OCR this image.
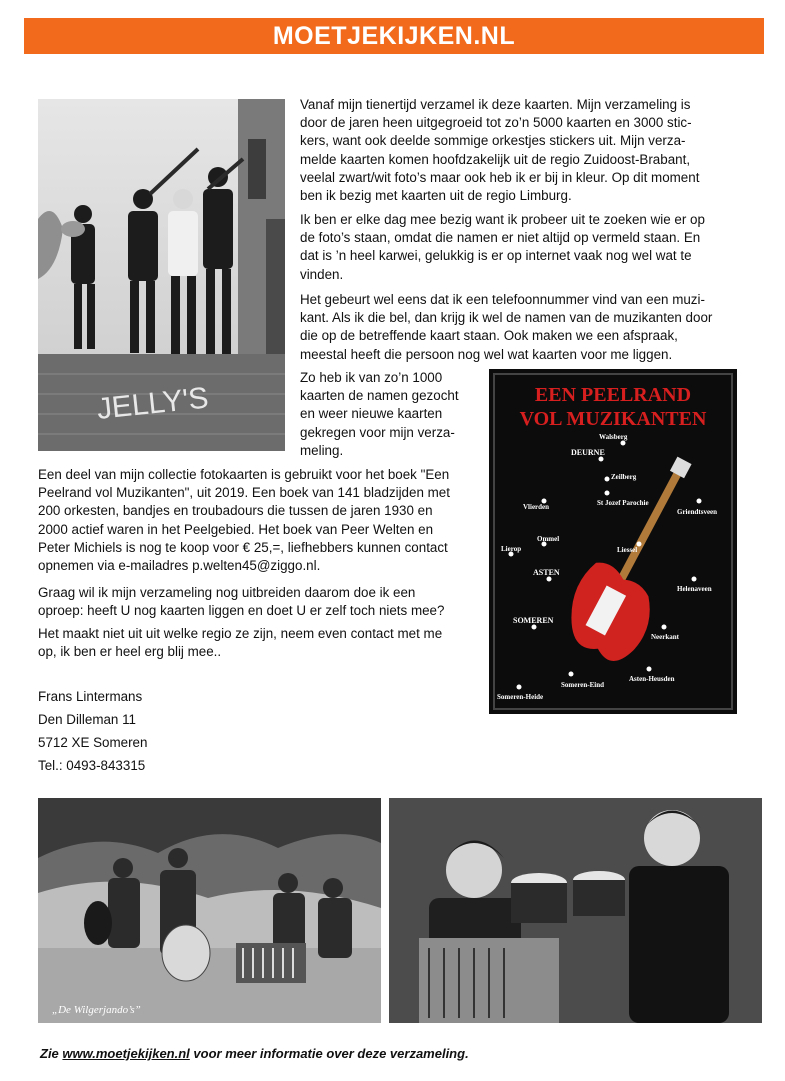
MOETJEKIJKEN.NL
JELLY'S

Vanaf mijn tienertijd verzamel ik deze kaarten. Mijn verzameling is
door de jaren heen uitgegroeid tot zo’n 5000 kaarten en 3000 stic-
kers, want ook deelde sommige orkestjes stickers uit. Mijn verza-
melde kaarten komen hoofdzakelijk uit de regio Zuidoost-Brabant,
veelal zwart/wit foto’s maar ook heb ik er bij in kleur. Op dit moment
ben ik bezig met kaarten uit de regio Limburg.

Ik ben er elke dag mee bezig want ik probeer uit te zoeken wie er op
de foto’s staan, omdat die namen er niet altijd op vermeld staan. En
dat is ’n heel karwei, gelukkig is er op internet vaak nog wel wat te
vinden.

Het gebeurt wel eens dat ik een telefoonnummer vind van een muzi-
kant. Als ik die bel, dan krijg ik wel de namen van de muzikanten door
die op de betreffende kaart staan. Ook maken we een afspraak,
meestal heeft die persoon nog wel wat kaarten voor me liggen.

Zo heb ik van zo’n 1000
kaarten de namen gezocht
en weer nieuwe kaarten
gekregen voor mijn verza-
meling.

EEN PEELRAND
VOL MUZIKANTEN
Walsberg
DEURNE
Zeilberg
St Jozef Parochie
Vlierden
Griendtsveen
Ommel
Liessel
Lierop
ASTEN
Helenaveen
SOMEREN
Neerkant
Asten-Heusden
Someren-Eind
Someren-Heide

Een deel van mijn collectie fotokaarten is gebruikt voor het boek "Een
Peelrand vol Muzikanten", uit 2019. Een boek van 141 bladzijden met
200 orkesten, bandjes en troubadours die tussen de jaren 1930 en
2000 actief waren in het Peelgebied. Het boek van Peer Welten en
Peter Michiels is nog te koop voor € 25,=, liefhebbers kunnen contact
opnemen via e-mailadres p.welten45@ziggo.nl.

Graag wil ik mijn verzameling nog uitbreiden daarom doe ik een
oproep: heeft U nog kaarten liggen en doet U er zelf toch niets mee?

Het maakt niet uit uit welke regio ze zijn, neem even contact met me
op, ik ben er heel erg blij mee..

Frans Lintermans
Den Dilleman 11
5712 XE Someren
Tel.: 0493-843315
„De Wilgerjando’s”
Zie www.moetjekijken.nl voor meer informatie over deze verzameling.
